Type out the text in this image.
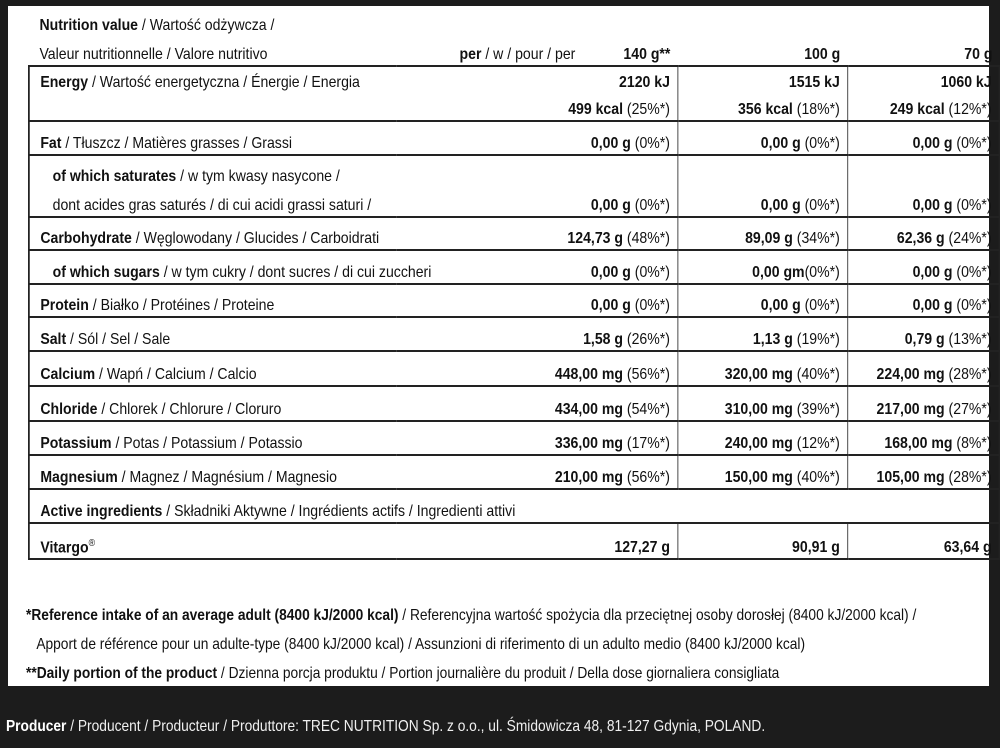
Nutrition value / Wartość odżywcza /			
Valeur nutritionnelle / Valore nutritivo	per / w / pour / per 140 g**	100 g	70 g
Energy / Wartość energetyczna / Énergie / Energia	2120 kJ	1515 kJ	1060 kJ
	499 kcal (25%*)	356 kcal (18%*)	249 kcal (12%*)
Fat / Tłuszcz / Matières grasses / Grassi	0,00 g (0%*)	0,00 g (0%*)	0,00 g (0%*)
of which saturates / w tym kwasy nasycone /			
dont acides gras saturés / di cui acidi grassi saturi /	0,00 g (0%*)	0,00 g (0%*)	0,00 g (0%*)
Carbohydrate / Węglowodany / Glucides / Carboidrati	124,73 g (48%*)	89,09 g (34%*)	62,36 g (24%*)
of which sugars / w tym cukry / dont sucres / di cui zuccheri	0,00 g (0%*)	0,00 gm(0%*)	0,00 g (0%*)
Protein / Białko / Protéines / Proteine	0,00 g (0%*)	0,00 g (0%*)	0,00 g (0%*)
Salt / Sól / Sel / Sale	1,58 g (26%*)	1,13 g (19%*)	0,79 g (13%*)
Calcium / Wapń / Calcium / Calcio	448,00 mg (56%*)	320,00 mg (40%*)	224,00 mg (28%*)
Chloride / Chlorek / Chlorure / Cloruro	434,00 mg (54%*)	310,00 mg (39%*)	217,00 mg (27%*)
Potassium / Potas / Potassium / Potassio	336,00 mg (17%*)	240,00 mg (12%*)	168,00 mg (8%*)
Magnesium / Magnez / Magnésium / Magnesio	210,00 mg (56%*)	150,00 mg (40%*)	105,00 mg (28%*)
Active ingredients / Składniki Aktywne / Ingrédients actifs / Ingredienti attivi			
Vitargo®	127,27 g	90,91 g	63,64 g
*Reference intake of an average adult (8400 kJ/2000 kcal) / Referencyjna wartość spożycia dla przeciętnej osoby dorosłej (8400 kJ/2000 kcal) /
Apport de référence pour un adulte-type (8400 kJ/2000 kcal) / Assunzioni di riferimento di un adulto medio (8400 kJ/2000 kcal)
**Daily portion of the product / Dzienna porcja produktu / Portion journalière du produit / Della dose giornaliera consigliata
Producer / Producent / Producteur / Produttore: TREC NUTRITION Sp. z o.o., ul. Śmidowicza 48, 81-127 Gdynia, POLAND.
